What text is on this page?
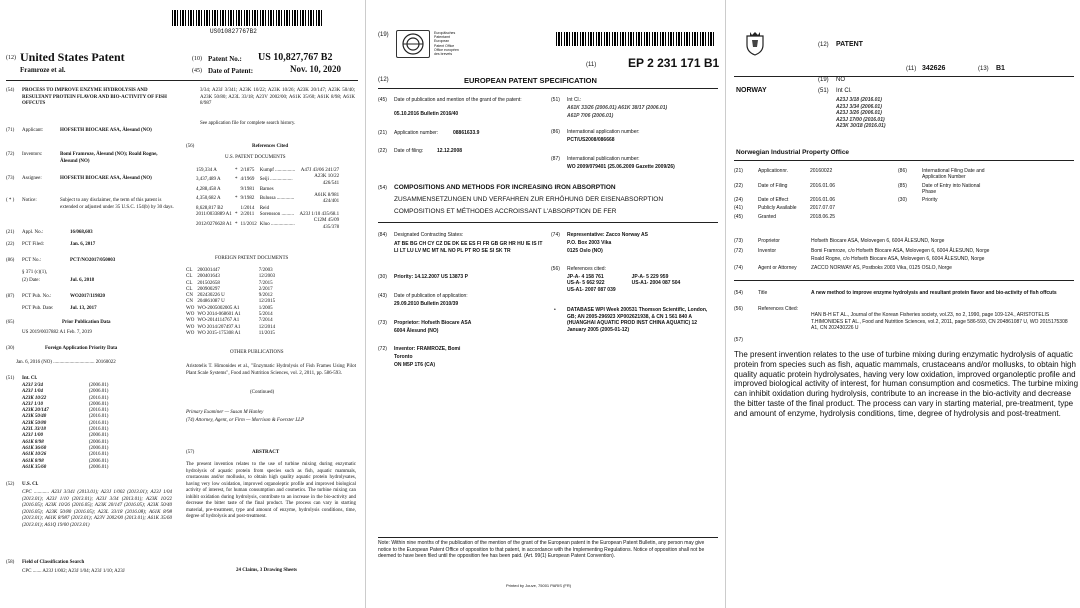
US010827767B2
(12) United States Patent
Framroze et al.
(10) Patent No.: US 10,827,767 B2
(45) Date of Patent:	Nov. 10, 2020
(54) PROCESS TO IMPROVE ENZYME HYDROLYSIS AND RESULTANT PROTEIN FLAVOR AND BIO-ACTIVITY OF FISH OFFCUTS
(71) Applicant:	HOFSETH BIOCARE ASA, Ålesund (NO)
(72) Inventors:	Bomi Framroze, Ålesund (NO); Roald Rogne, Ålesund (NO)
(73) Assignee:	HOFSETH BIOCARE ASA, Ålesund (NO)
( * ) Notice:	Subject to any disclaimer, the term of this patent is extended or adjusted under 35 U.S.C. 154(b) by 30 days.
(21) Appl. No.:	16/068,603
(22) PCT Filed:	Jan. 6, 2017
(86) PCT No.:	PCT/NO2017/050003
§ 371 (c)(1),
(2) Date:	Jul. 6, 2018
(87) PCT Pub. No.:	WO2017/119820
PCT Pub. Date:	Jul. 13, 2017
(65)	Prior Publication Data
US 2019/0037882 A1 Feb. 7, 2019
(30)	Foreign Application Priority Data
Jan. 6, 2016 (NO) ................................. 20160022
(51) Int. Cl.
A23J 3/34	(2006.01)
A23J 1/04	(2006.01)
A23K 10/22	(2016.01)
A23J 1/10	(2006.01)
A23K 20/147	(2016.01)
A23K 50/40	(2016.01)
A23K 50/80	(2016.01)
A23L 33/18	(2016.01)
A23J 1/00	(2006.01)
A61K 8/98	(2006.01)
A61K 36/60	(2006.01)
A61K 10/26	(2016.01)
A61K 8/98	(2006.01)
A61K 35/60	(2006.01)
(52) U.S. Cl.
CPC ............ A23J 3/341 (2013.01); A23J 1/002 (2013.01); A23J 1/04 (2013.01); A23J 1/10 (2013.01); A23J 3/34 (2013.01); A23K 10/22 (2016.05); A23K 10/26 (2016.05); A23K 20/147 (2016.05); A23K 50/40 (2016.05); A23K 50/80 (2016.05); A23L 33/18 (2016.08); A61K 8/98 (2013.01); A61K 8/987 (2013.01); A23V 2002/00 (2013.01); A61K 35/60 (2013.01); A61Q 19/00 (2013.01)
(58) Field of Classification Search
CPC ....... A23J 1/002; A23J 1/04; A23J 1/10; A23J
3/34; A23J 3/341; A23K 10/22; A23K 10/26; A23K 20/147; A23K 50/40; A23K 50/80; A23L 33/18; A23V 2002/00; A61K 35/60; A61K 8/98; A61K 8/987
See application file for complete search history.
(56)	References Cited
U.S. PATENT DOCUMENTS
159,334 A	*	2/1875	Kumpf ................	A47J 43/06 241/27
3,437,489 A	*	4/1969	Seiji ..................	A23K 10/22 426/541
4,288,458 A		9/1981	Barnes	
4,350,682 A	*	9/1982	Bulussa ..............	A61K 8/981 424/401
8,628,817 B2		1/2014	Reid	
2011/0033889 A1	*	2/2011	Sorensson ..........	A23J 1/10 435/68.1
2012/0276628 A1	*	11/2012	Kluo ...................	C12M 45/09 435/378
FOREIGN PATENT DOCUMENTS
CL	200301447	7/2003
CL	200401643	12/2003
CL	201502658	7/2015
CL	200900297	2/2017
CN	202430226 U	9/2012
CN	204861087 U	12/2015
WO	WO-2005002005 A1	1/2005
WO	WO 2014-068601 A1	5/2014
WO	WO-2014114767 A1	7/2014
WO	WO 2014/207497 A1	12/2014
WO	WO 2015-175308 A1	11/2015
OTHER PUBLICATIONS
Aristotelis T. Himonides et al., "Enzymatic Hydrolysis of Fish Frames Using Pilot Plant Scale Systems", Food and Nutrition Sciences, vol. 2, 2011, pp. 586-593.
(Continued)
Primary Examiner — Susan M Hanley
(74) Attorney, Agent, or Firm — Morrison & Foerster LLP
(57)	ABSTRACT
The present invention relates to the use of turbine mixing during enzymatic hydrolysis of aquatic protein from species such as fish, aquatic mammals, crustaceans and/or mollusks, to obtain high quality aquatic protein hydrolysates, having very low oxidation, improved organoleptic profile and improved biological activity of interest, for human consumption and cosmetics. The turbine mixing can inhibit oxidation during hydrolysis, contribute to an increase in the bio-activity and decrease the bitter taste of the final product. The process can vary in starting material, pre-treatment, type and amount of enzyme, hydrolysis conditions, time, degree of hydrolysis and post-treatment.
24 Claims, 3 Drawing Sheets
(19)	Europäisches
Patentamt
European
Patent Office
Office européen
des brevets
(11)	EP 2 231 171 B1
(12)	EUROPEAN PATENT SPECIFICATION
(45) Date of publication and mention of the grant of the patent:
05.10.2016 Bulletin 2016/40
(21) Application number:	08861633.9
(22) Date of filing:	12.12.2008
(51) Int Cl.:
A61K 33/26 (2006.01) A61K 38/17 (2006.01)
A61P 7/06 (2006.01)
(86) International application number:
PCT/US2008/086668
(87) International publication number:
WO 2009/079401 (25.06.2009 Gazette 2009/26)
(54) COMPOSITIONS AND METHODS FOR INCREASING IRON ABSORPTION
ZUSAMMENSETZUNGEN UND VERFAHREN ZUR ERHÖHUNG DER EISENABSORPTION
COMPOSITIONS ET MÉTHODES ACCROISSANT L'ABSORPTION DE FER
(84) Designated Contracting States:
AT BE BG CH CY CZ DE DK EE ES FI FR GB GR HR HU IE IS IT LI LT LU LV MC MT NL NO PL PT RO SE SI SK TR
(30) Priority: 14.12.2007 US 13873 P
(43) Date of publication of application:
29.09.2010 Bulletin 2010/39
(73) Proprietor: Hofseth Biocare ASA
6004 Ålesund (NO)
(72) Inventor: FRAMROZE, Bomi
Toronto
ON M5P 1T6 (CA)
(74) Representative: Zacco Norway AS
P.O. Box 2003 Vika
0125 Oslo (NO)
(56) References cited:
JP-A- 4 158 761	JP-A- 5 229 959
US-A- 5 662 922	US-A1- 2004 087 504
US-A1- 2007 087 039	
• DATABASE WPI Week 200531 Thomson Scientific, London, GB; AN 2005-296923 XP002621938, & CN 1 561 840 A (HUANGHAI AQUATIC PROD INST CHINA AQUATIC) 12 January 2005 (2005-01-12)
Note: Within nine months of the publication of the mention of the grant of the European patent in the European Patent Bulletin, any person may give notice to the European Patent Office of opposition to that patent, in accordance with the Implementing Regulations. Notice of opposition shall not be deemed to have been filed until the opposition fee has been paid. (Art. 99(1) European Patent Convention).
Printed by Jouve, 75001 PARIS (FR)
(12) PATENT
(11) 342626	(13) B1
NORWAY
(19) NO
(51) Int Cl.
A23J 3/18 (2016.01)
A23J 3/34 (2006.01)
A23J 3/26 (2006.01)
A23J 17/00 (2016.01)
A23K 30/18 (2016.01)
Norwegian Industrial Property Office
(21)	Applicationnr.	20160022	(86)	International Filing Date and Application Number
(22)	Date of Filing	2016.01.06	(85)	Date of Entry into National Phase
(24)	Date of Effect	2016.01.06	(30)	Priority
(41)	Publicly Available	2017.07.07		
(45)	Granted	2018.06.25		
(73)	Proprietor	Hofseth Biocare ASA, Molovegen 6, 6004 ÅLESUND, Norge
(72)	Inventor	Bomi Framroze, c/o Hofseth Biocare ASA, Molovegen 6, 6004 ÅLESUND, Norge
Roald Rogne, c/o Hofseth Biocare ASA, Molovegen 6, 6004 ÅLESUND, Norge
(74)	Agent or Attorney	ZACCO NORWAY AS, Postboks 2003 Vika, 0125 OSLO, Norge
(54)	Title	A new method to improve enzyme hydrolysis and resultant protein flavor and bio-activity of fish offcuts
(56)	References Cited:
HAN B-H ET AL., Journal of the Korean Fisheries society, vol.23, no 2, 1990, page 109-124., ARISTOTELIS T.HIMONIDES ET AL., Food and Nutrition Sciences, vol.2, 2011, page 586-593, CN 204861087 U, WO 2015175308 A1, CN 202430226 U
(57)
The present invention relates to the use of turbine mixing during enzymatic hydrolysis of aquatic protein from species such as fish, aquatic mammals, crustaceans and/or mollusks, to obtain high quality aquatic protein hydrolysates, having very low oxidation, improved organoleptic profile and improved biological activity of interest, for human consumption and cosmetics. The turbine mixing can inhibit oxidation during hydrolysis, contribute to an increase in the bio-activity and decrease the bitter taste of the final product. The process can vary in starting material, pre-treatment, type and amount of enzyme, hydrolysis conditions, time, degree of hydrolysis and post-treatment.
